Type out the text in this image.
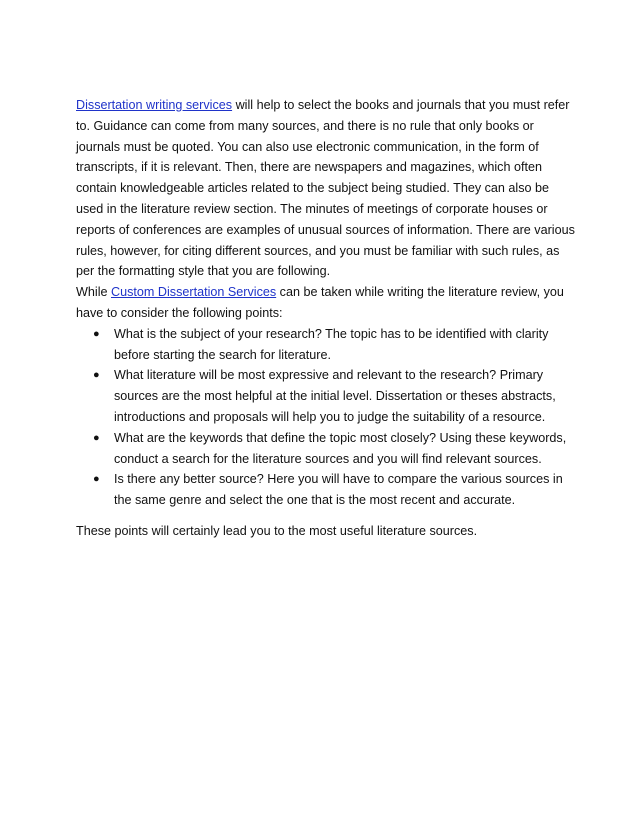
Dissertation writing services will help to select the books and journals that you must refer to. Guidance can come from many sources, and there is no rule that only books or journals must be quoted. You can also use electronic communication, in the form of transcripts, if it is relevant. Then, there are newspapers and magazines, which often contain knowledgeable articles related to the subject being studied. They can also be used in the literature review section. The minutes of meetings of corporate houses or reports of conferences are examples of unusual sources of information. There are various rules, however, for citing different sources, and you must be familiar with such rules, as per the formatting style that you are following.

While Custom Dissertation Services can be taken while writing the literature review, you have to consider the following points:

● What is the subject of your research? The topic has to be identified with clarity before starting the search for literature.
● What literature will be most expressive and relevant to the research? Primary sources are the most helpful at the initial level. Dissertation or theses abstracts, introductions and proposals will help you to judge the suitability of a resource.
● What are the keywords that define the topic most closely? Using these keywords, conduct a search for the literature sources and you will find relevant sources.
● Is there any better source? Here you will have to compare the various sources in the same genre and select the one that is the most recent and accurate.

These points will certainly lead you to the most useful literature sources.
